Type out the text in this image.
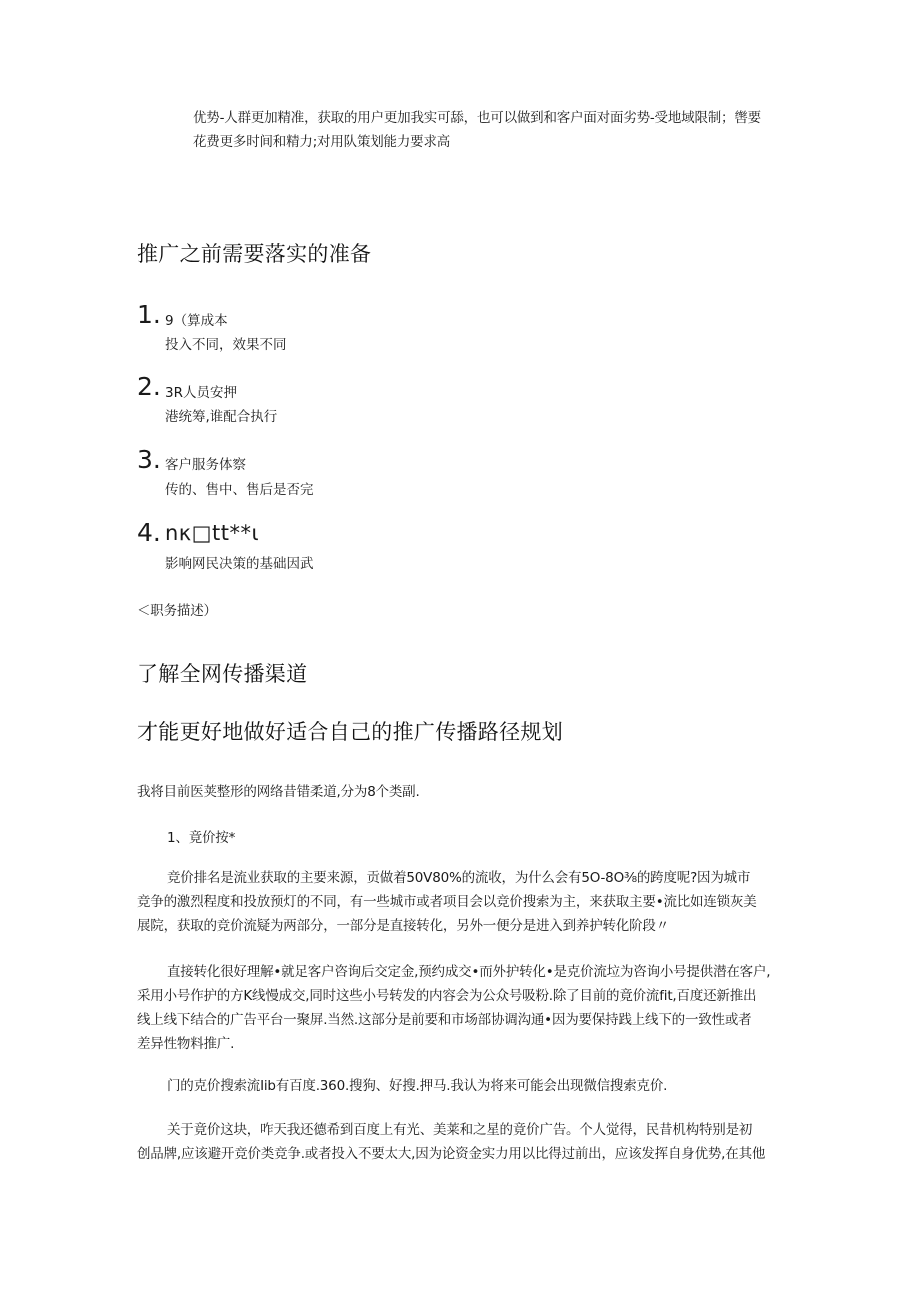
优势-人群更加精准，获取的用户更加我实可舔，也可以做到和客户面对面劣势-受地域限制；辔要
花费更多时间和精力;对用队策划能力要求高

推广之前需要落实的准备
1. 9（算成本
投入不同，效果不同
2. 3R人员安押
港统筹,谁配合执行
3. 客户服务体察
传的、售中、售后是否完
4. nκ□tt**ι
影响网民决策的基础因武
＜职务描述）
了解全网传播渠道
才能更好地做好适合自己的推广传播路径规划
我将目前医荚整形的网络昔错柔道,分为8个类副.
1、竟价按*

竞价排名是流业获取的主要来源，贡做着50V80%的流收，为什么会有5O-8O⅜的跨度呢?因为城市
竞争的激烈程度和投放预灯的不同，有一些城市或者项目会以竞价搜索为主，来获取主要•流比如连锁灰美
展院，获取的竞价流疑为两部分，一部分是直接转化，另外一便分是进入到养护转化阶段〃

直接转化很好理解•就足客户咨询后交定金,预约成交•而外护转化•是克价流垃为咨询小号提供潜在客户,
采用小号作护的方K线慢成交,同时这些小号转发的内容会为公众号吸粉.除了目前的竟价流fit,百度还新推出
线上线下结合的广告平台一聚屏.当然.这部分是前要和市场部协调沟通•因为要保持践上线下的一致性或者
差异性物料推广.

门的克价搜索流Iib有百度.360.搜狗、好搜.押马.我认为将来可能会出现微信搜索克价.

关于竟价这块，咋天我还德希到百度上有光、美莱和之星的竟价广告。个人觉得，民昔机构特别是初
创品牌,应该避开竞价类竞争.或者投入不要太大,因为论资金实力用以比得过前出，应该发挥自身优势,在其他
